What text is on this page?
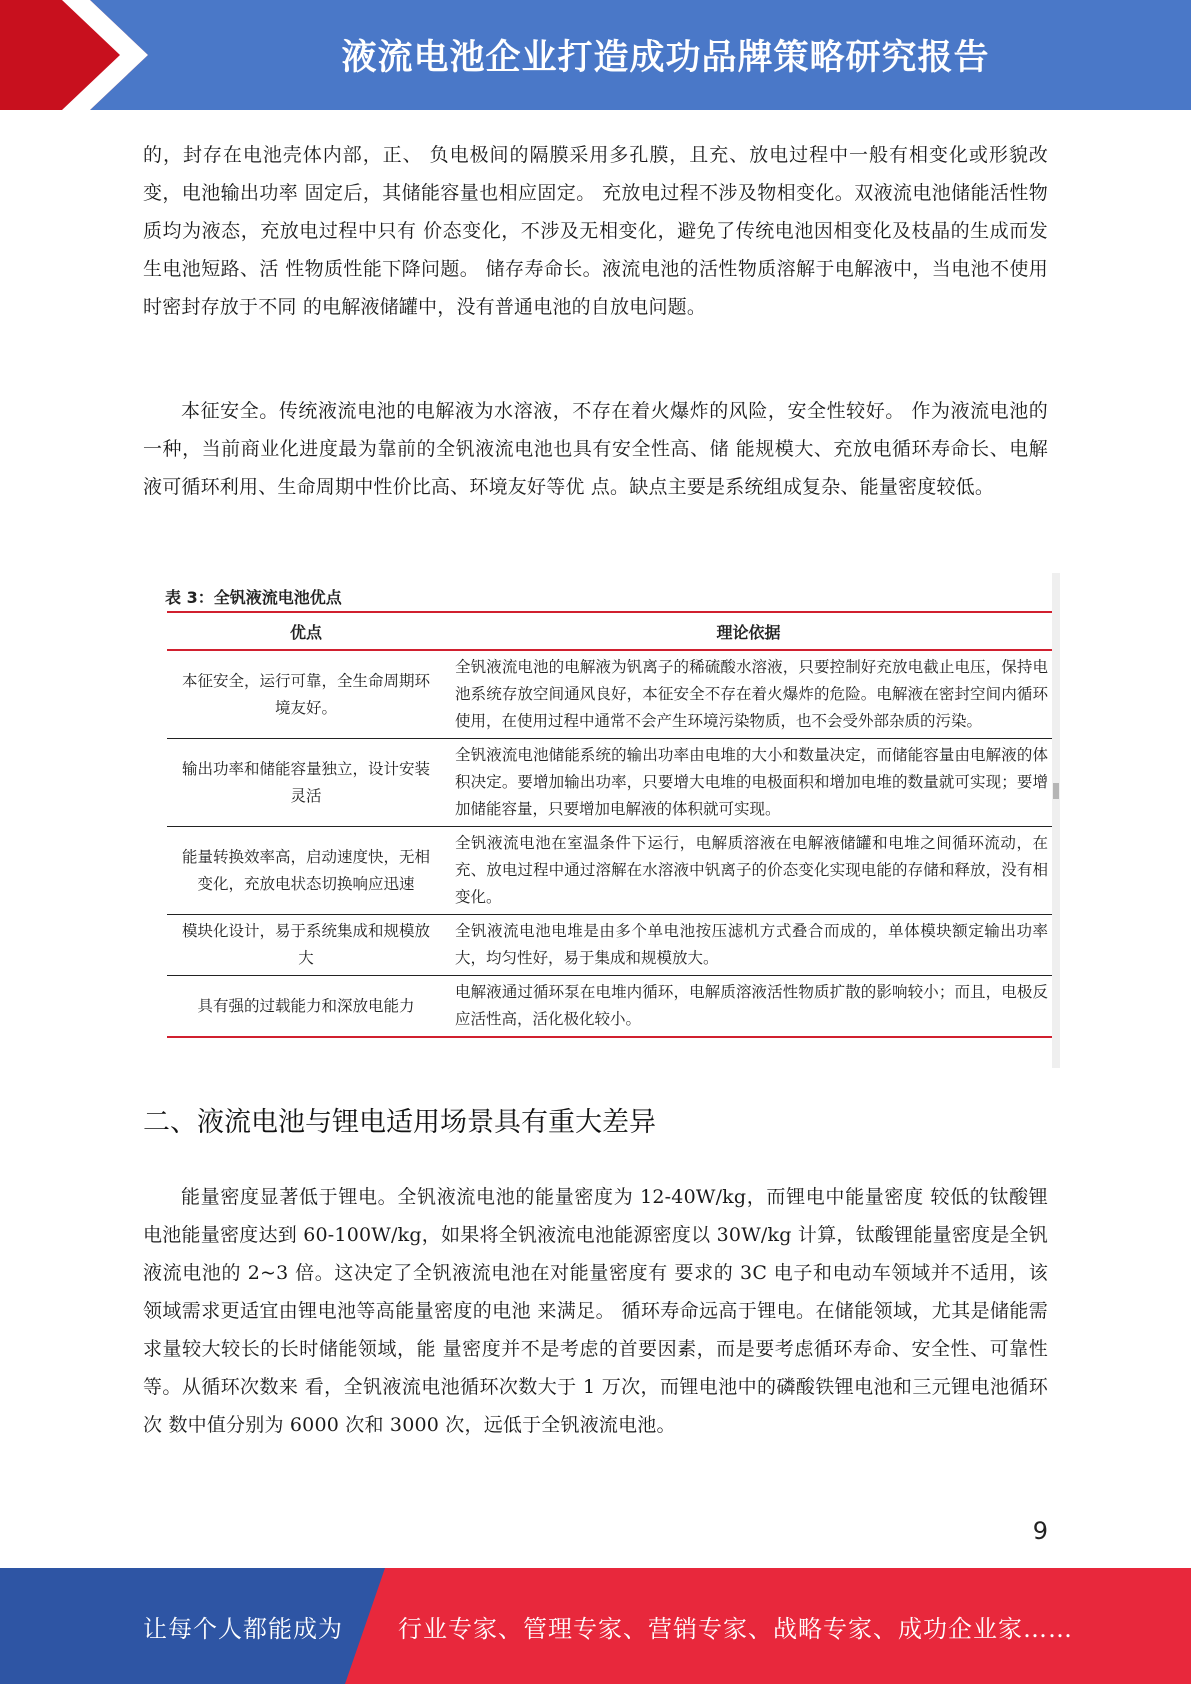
液流电池企业打造成功品牌策略研究报告
的，封存在电池壳体内部，正、 负电极间的隔膜采用多孔膜，且充、放电过程中一般有相变化或形貌改变，电池输出功率 固定后，其储能容量也相应固定。 充放电过程不涉及物相变化。双液流电池储能活性物质均为液态，充放电过程中只有 价态变化，不涉及无相变化，避免了传统电池因相变化及枝晶的生成而发生电池短路、活 性物质性能下降问题。 储存寿命长。液流电池的活性物质溶解于电解液中，当电池不使用时密封存放于不同 的电解液储罐中，没有普通电池的自放电问题。
本征安全。传统液流电池的电解液为水溶液，不存在着火爆炸的风险，安全性较好。 作为液流电池的一种，当前商业化进度最为靠前的全钒液流电池也具有安全性高、储 能规模大、充放电循环寿命长、电解液可循环利用、生命周期中性价比高、环境友好等优 点。缺点主要是系统组成复杂、能量密度较低。
表 3：全钒液流电池优点
优点	理论依据
本征安全，运行可靠，全生命周期环境友好。	全钒液流电池的电解液为钒离子的稀硫酸水溶液，只要控制好充放电截止电压，保持电池系统存放空间通风良好，本征安全不存在着火爆炸的危险。电解液在密封空间内循环使用，在使用过程中通常不会产生环境污染物质，也不会受外部杂质的污染。
输出功率和储能容量独立，设计安装灵活	全钒液流电池储能系统的输出功率由电堆的大小和数量决定，而储能容量由电解液的体积决定。要增加输出功率，只要增大电堆的电极面积和增加电堆的数量就可实现；要增加储能容量，只要增加电解液的体积就可实现。
能量转换效率高，启动速度快，无相变化，充放电状态切换响应迅速	全钒液流电池在室温条件下运行，电解质溶液在电解液储罐和电堆之间循环流动，在充、放电过程中通过溶解在水溶液中钒离子的价态变化实现电能的存储和释放，没有相变化。
模块化设计，易于系统集成和规模放大	全钒液流电池电堆是由多个单电池按压滤机方式叠合而成的，单体模块额定输出功率大，均匀性好，易于集成和规模放大。
具有强的过载能力和深放电能力	电解液通过循环泵在电堆内循环，电解质溶液活性物质扩散的影响较小；而且，电极反应活性高，活化极化较小。
二、液流电池与锂电适用场景具有重大差异
能量密度显著低于锂电。全钒液流电池的能量密度为 12-40W/kg，而锂电中能量密度 较低的钛酸锂电池能量密度达到 60-100W/kg，如果将全钒液流电池能源密度以 30W/kg 计算，钛酸锂能量密度是全钒液流电池的 2~3 倍。这决定了全钒液流电池在对能量密度有 要求的 3C 电子和电动车领域并不适用，该领域需求更适宜由锂电池等高能量密度的电池 来满足。 循环寿命远高于锂电。在储能领域，尤其是储能需求量较大较长的长时储能领域，能 量密度并不是考虑的首要因素，而是要考虑循环寿命、安全性、可靠性等。从循环次数来 看，全钒液流电池循环次数大于 1 万次，而锂电池中的磷酸铁锂电池和三元锂电池循环次 数中值分别为 6000 次和 3000 次，远低于全钒液流电池。
9
让每个人都能成为 行业专家、管理专家、营销专家、战略专家、成功企业家……
